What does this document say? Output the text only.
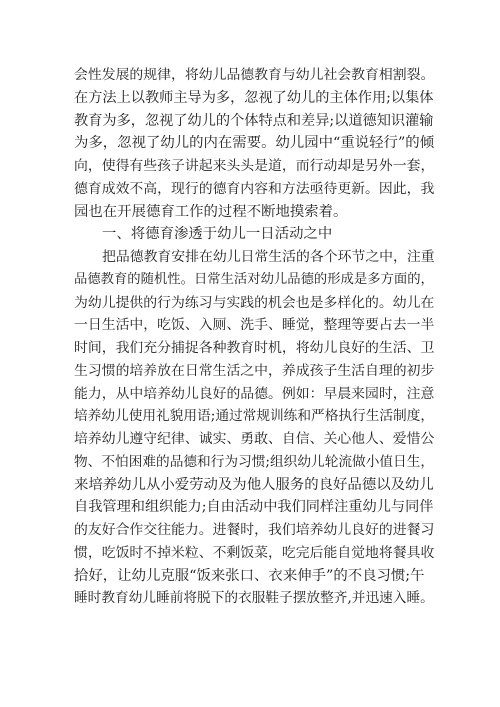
会性发展的规律，将幼儿品德教育与幼儿社会教育相割裂。
在方法上以教师主导为多，忽视了幼儿的主体作用;以集体
教育为多，忽视了幼儿的个体特点和差异;以道德知识灌输
为多，忽视了幼儿的内在需要。幼儿园中“重说轻行”的倾
向，使得有些孩子讲起来头头是道，而行动却是另外一套，
德育成效不高，现行的德育内容和方法亟待更新。因此，我
园也在开展德育工作的过程不断地摸索着。
一、将德育渗透于幼儿一日活动之中
把品德教育安排在幼儿日常生活的各个环节之中，注重
品德教育的随机性。日常生活对幼儿品德的形成是多方面的，
为幼儿提供的行为练习与实践的机会也是多样化的。幼儿在
一日生活中，吃饭、入厕、洗手、睡觉，整理等要占去一半
时间，我们充分捕捉各种教育时机，将幼儿良好的生活、卫
生习惯的培养放在日常生活之中，养成孩子生活自理的初步
能力，从中培养幼儿良好的品德。例如：早晨来园时，注意
培养幼儿使用礼貌用语;通过常规训练和严格执行生活制度，
培养幼儿遵守纪律、诚实、勇敢、自信、关心他人、爱惜公
物、不怕困难的品德和行为习惯;组织幼儿轮流做小值日生，
来培养幼儿从小爱劳动及为他人服务的良好品德以及幼儿
自我管理和组织能力;自由活动中我们同样注重幼儿与同伴
的友好合作交往能力。进餐时，我们培养幼儿良好的进餐习
惯，吃饭时不掉米粒、不剩饭菜，吃完后能自觉地将餐具收
拾好，让幼儿克服“饭来张口、衣来伸手”的不良习惯;午
睡时教育幼儿睡前将脱下的衣服鞋子摆放整齐,并迅速入睡。
